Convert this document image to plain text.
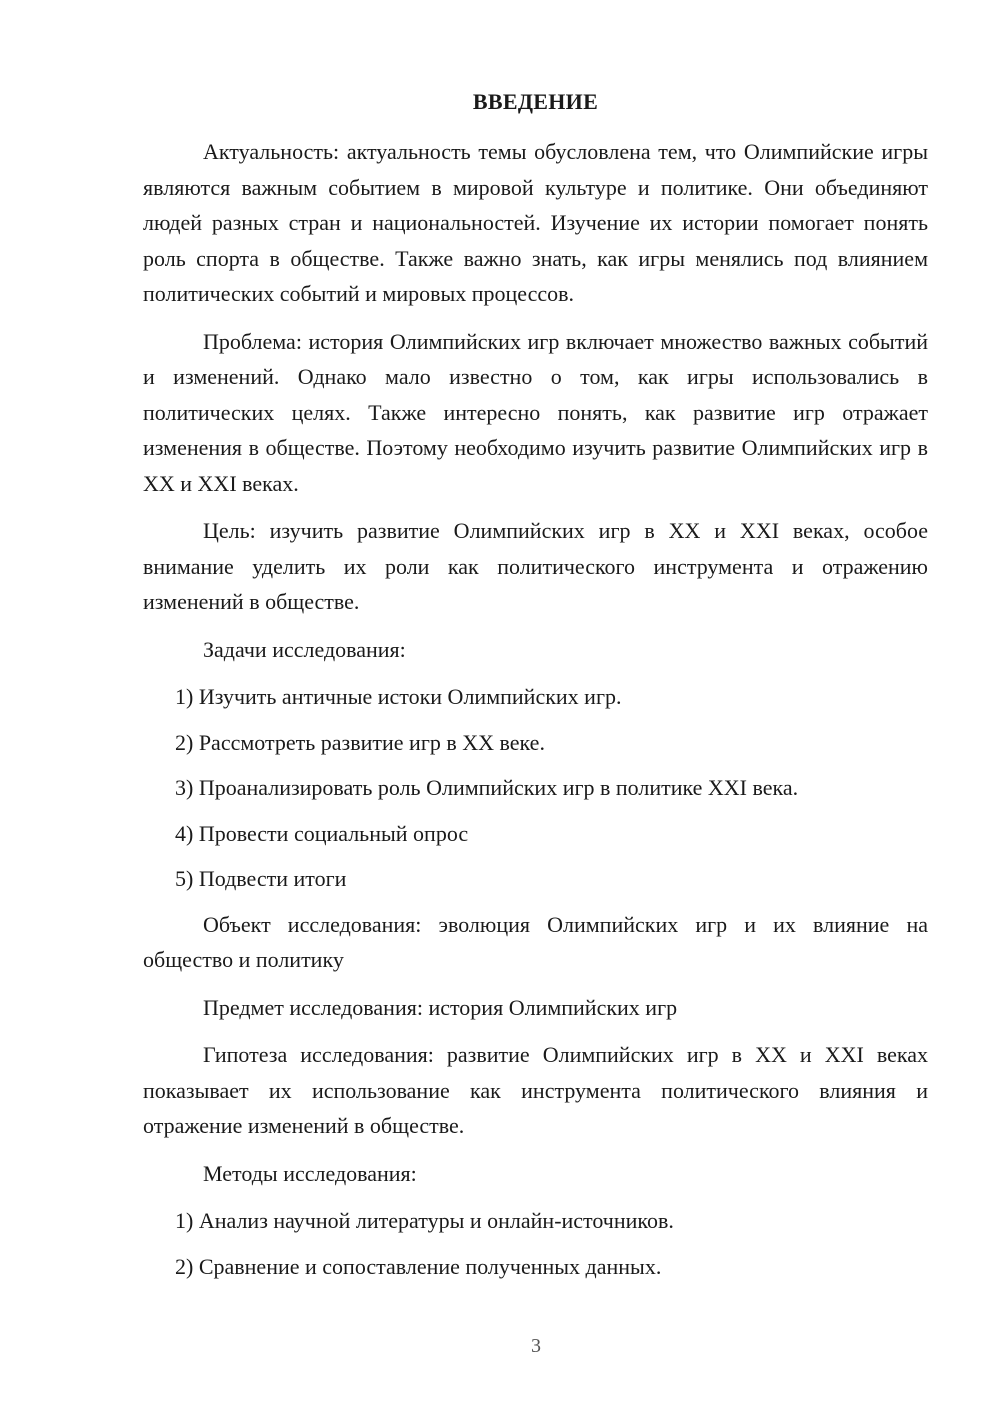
ВВЕДЕНИЕ

Актуальность: актуальность темы обусловлена тем, что Олимпийские игры являются важным событием в мировой культуре и политике. Они объединяют людей разных стран и национальностей. Изучение их истории помогает понять роль спорта в обществе. Также важно знать, как игры менялись под влиянием политических событий и мировых процессов.

Проблема: история Олимпийских игр включает множество важных событий и изменений. Однако мало известно о том, как игры использовались в политических целях. Также интересно понять, как развитие игр отражает изменения в обществе. Поэтому необходимо изучить развитие Олимпийских игр в XX и XXI веках.

Цель: изучить развитие Олимпийских игр в XX и XXI веках, особое внимание уделить их роли как политического инструмента и отражению изменений в обществе.

Задачи исследования:

1) Изучить античные истоки Олимпийских игр.

2) Рассмотреть развитие игр в XX веке.

3) Проанализировать роль Олимпийских игр в политике XXI века.

4) Провести социальный опрос

5) Подвести итоги

Объект исследования: эволюция Олимпийских игр и их влияние на общество и политику

Предмет исследования: история Олимпийских игр

Гипотеза исследования: развитие Олимпийских игр в XX и XXI веках показывает их использование как инструмента политического влияния и отражение изменений в обществе.

Методы исследования:

1) Анализ научной литературы и онлайн-источников.

2) Сравнение и сопоставление полученных данных.

3
